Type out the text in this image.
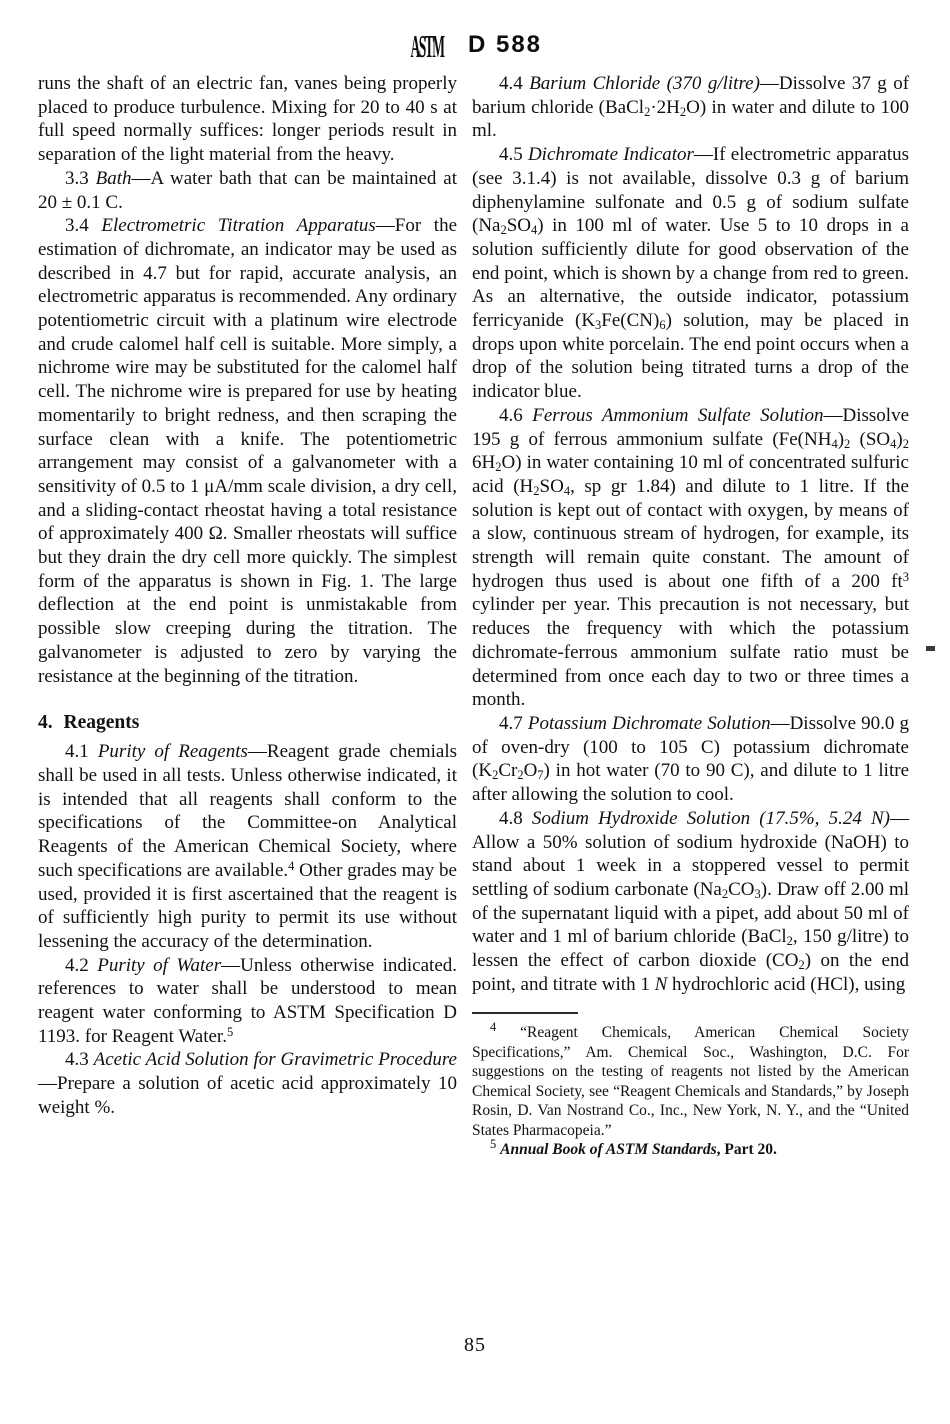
ASTM D 588

runs the shaft of an electric fan, vanes being properly placed to produce turbulence. Mixing for 20 to 40 s at full speed normally suffices: longer periods result in separation of the light material from the heavy.

3.3 Bath—A water bath that can be maintained at 20 ± 0.1 C.

3.4 Electrometric Titration Apparatus—For the estimation of dichromate, an indicator may be used as described in 4.7 but for rapid, accurate analysis, an electrometric apparatus is recommended. Any ordinary potentiometric circuit with a platinum wire electrode and crude calomel half cell is suitable. More simply, a nichrome wire may be substituted for the calomel half cell. The nichrome wire is prepared for use by heating momentarily to bright redness, and then scraping the surface clean with a knife. The potentiometric arrangement may consist of a galvanometer with a sensitivity of 0.5 to 1 μA/mm scale division, a dry cell, and a sliding-contact rheostat having a total resistance of approximately 400 Ω. Smaller rheostats will suffice but they drain the dry cell more quickly. The simplest form of the apparatus is shown in Fig. 1. The large deflection at the end point is unmistakable from possible slow creeping during the titration. The galvanometer is adjusted to zero by varying the resistance at the beginning of the titration.

4. Reagents

4.1 Purity of Reagents—Reagent grade chemials shall be used in all tests. Unless otherwise indicated, it is intended that all reagents shall conform to the specifications of the Committee-on Analytical Reagents of the American Chemical Society, where such specifications are available.$^4$ Other grades may be used, provided it is first ascertained that the reagent is of sufficiently high purity to permit its use without lessening the accuracy of the determination.

4.2 Purity of Water—Unless otherwise indicated. references to water shall be understood to mean reagent water conforming to ASTM Specification D 1193. for Reagent Water.$^5$

4.3 Acetic Acid Solution for Gravimetric Procedure—Prepare a solution of acetic acid approximately 10 weight %.

4.4 Barium Chloride (370 g/litre)—Dissolve 37 g of barium chloride $(BaCl_2\cdot 2H_2O)$ in water and dilute to 100 ml.

4.5 Dichromate Indicator—If electrometric apparatus (see 3.1.4) is not available, dissolve 0.3 g of barium diphenylamine sulfonate and 0.5 g of sodium sulfate $(Na_2SO_4)$ in 100 ml of water. Use 5 to 10 drops in a solution sufficiently dilute for good observation of the end point, which is shown by a change from red to green. As an alternative, the outside indicator, potassium ferricyanide $(K_3Fe(CN)_6)$ solution, may be placed in drops upon white porcelain. The end point occurs when a drop of the solution being titrated turns a drop of the indicator blue.

4.6 Ferrous Ammonium Sulfate Solution—Dissolve 195 g of ferrous ammonium sulfate ($Fe(NH_4)_2$ $(SO_4)_2$ $6H_2O$) in water containing 10 ml of concentrated sulfuric acid ($H_2SO_4$, sp gr 1.84) and dilute to 1 litre. If the solution is kept out of contact with oxygen, by means of a slow, continuous stream of hydrogen, for example, its strength will remain quite constant. The amount of hydrogen thus used is about one fifth of a 200 $ft^3$ cylinder per year. This precaution is not necessary, but reduces the frequency with which the potassium dichromate-ferrous ammonium sulfate ratio must be determined from once each day to two or three times a month.

4.7 Potassium Dichromate Solution—Dissolve 90.0 g of oven-dry (100 to 105 C) potassium dichromate $(K_2Cr_2O_7)$ in hot water (70 to 90 C), and dilute to 1 litre after allowing the solution to cool.

4.8 Sodium Hydroxide Solution (17.5%, 5.24 N)—Allow a 50% solution of sodium hydroxide (NaOH) to stand about 1 week in a stoppered vessel to permit settling of sodium carbonate $(Na_2CO_3)$. Draw off 2.00 ml of the supernatant liquid with a pipet, add about 50 ml of water and 1 ml of barium chloride (BaCl$_2$, 150 g/litre) to lessen the effect of carbon dioxide $(CO_2)$ on the end point, and titrate with 1 N hydrochloric acid (HCl), using

$^4$ “Reagent Chemicals, American Chemical Society Specifications,” Am. Chemical Soc., Washington, D.C. For suggestions on the testing of reagents not listed by the American Chemical Society, see “Reagent Chemicals and Standards,” by Joseph Rosin, D. Van Nostrand Co., Inc., New York, N. Y., and the “United States Pharmacopeia.”

$^5$ Annual Book of ASTM Standards, Part 20.

85
